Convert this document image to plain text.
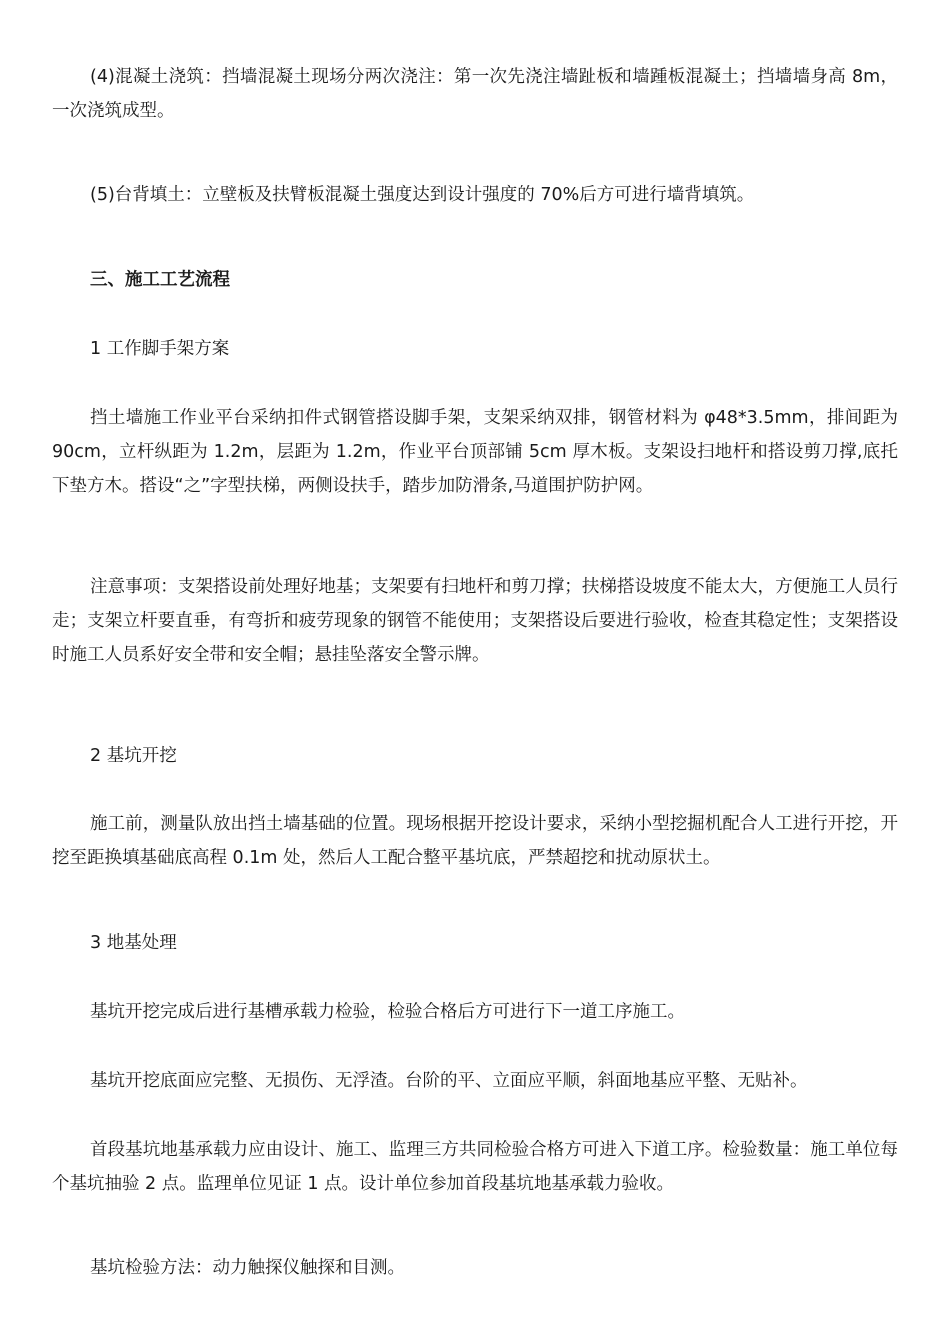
(4)混凝土浇筑：挡墙混凝土现场分两次浇注：第一次先浇注墙趾板和墙踵板混凝土；挡墙墙身高 8m，一次浇筑成型。

(5)台背填土：立壁板及扶臂板混凝土强度达到设计强度的 70%后方可进行墙背填筑。

三、施工工艺流程

1 工作脚手架方案

挡土墙施工作业平台采纳扣件式钢管搭设脚手架，支架采纳双排，钢管材料为 φ48*3.5mm，排间距为 90cm，立杆纵距为 1.2m，层距为 1.2m，作业平台顶部铺 5cm 厚木板。支架设扫地杆和搭设剪刀撑,底托下垫方木。搭设“之”字型扶梯，两侧设扶手，踏步加防滑条,马道围护防护网。

注意事项：支架搭设前处理好地基；支架要有扫地杆和剪刀撑；扶梯搭设坡度不能太大，方便施工人员行走；支架立杆要直垂，有弯折和疲劳现象的钢管不能使用；支架搭设后要进行验收，检查其稳定性；支架搭设时施工人员系好安全带和安全帽；悬挂坠落安全警示牌。

2 基坑开挖

施工前，测量队放出挡土墙基础的位置。现场根据开挖设计要求，采纳小型挖掘机配合人工进行开挖，开挖至距换填基础底高程 0.1m 处，然后人工配合整平基坑底，严禁超挖和扰动原状土。

3 地基处理

基坑开挖完成后进行基槽承载力检验，检验合格后方可进行下一道工序施工。

基坑开挖底面应完整、无损伤、无浮渣。台阶的平、立面应平顺，斜面地基应平整、无贴补。

首段基坑地基承载力应由设计、施工、监理三方共同检验合格方可进入下道工序。检验数量：施工单位每个基坑抽验 2 点。监理单位见证 1 点。设计单位参加首段基坑地基承载力验收。

基坑检验方法：动力触探仪触探和目测。
